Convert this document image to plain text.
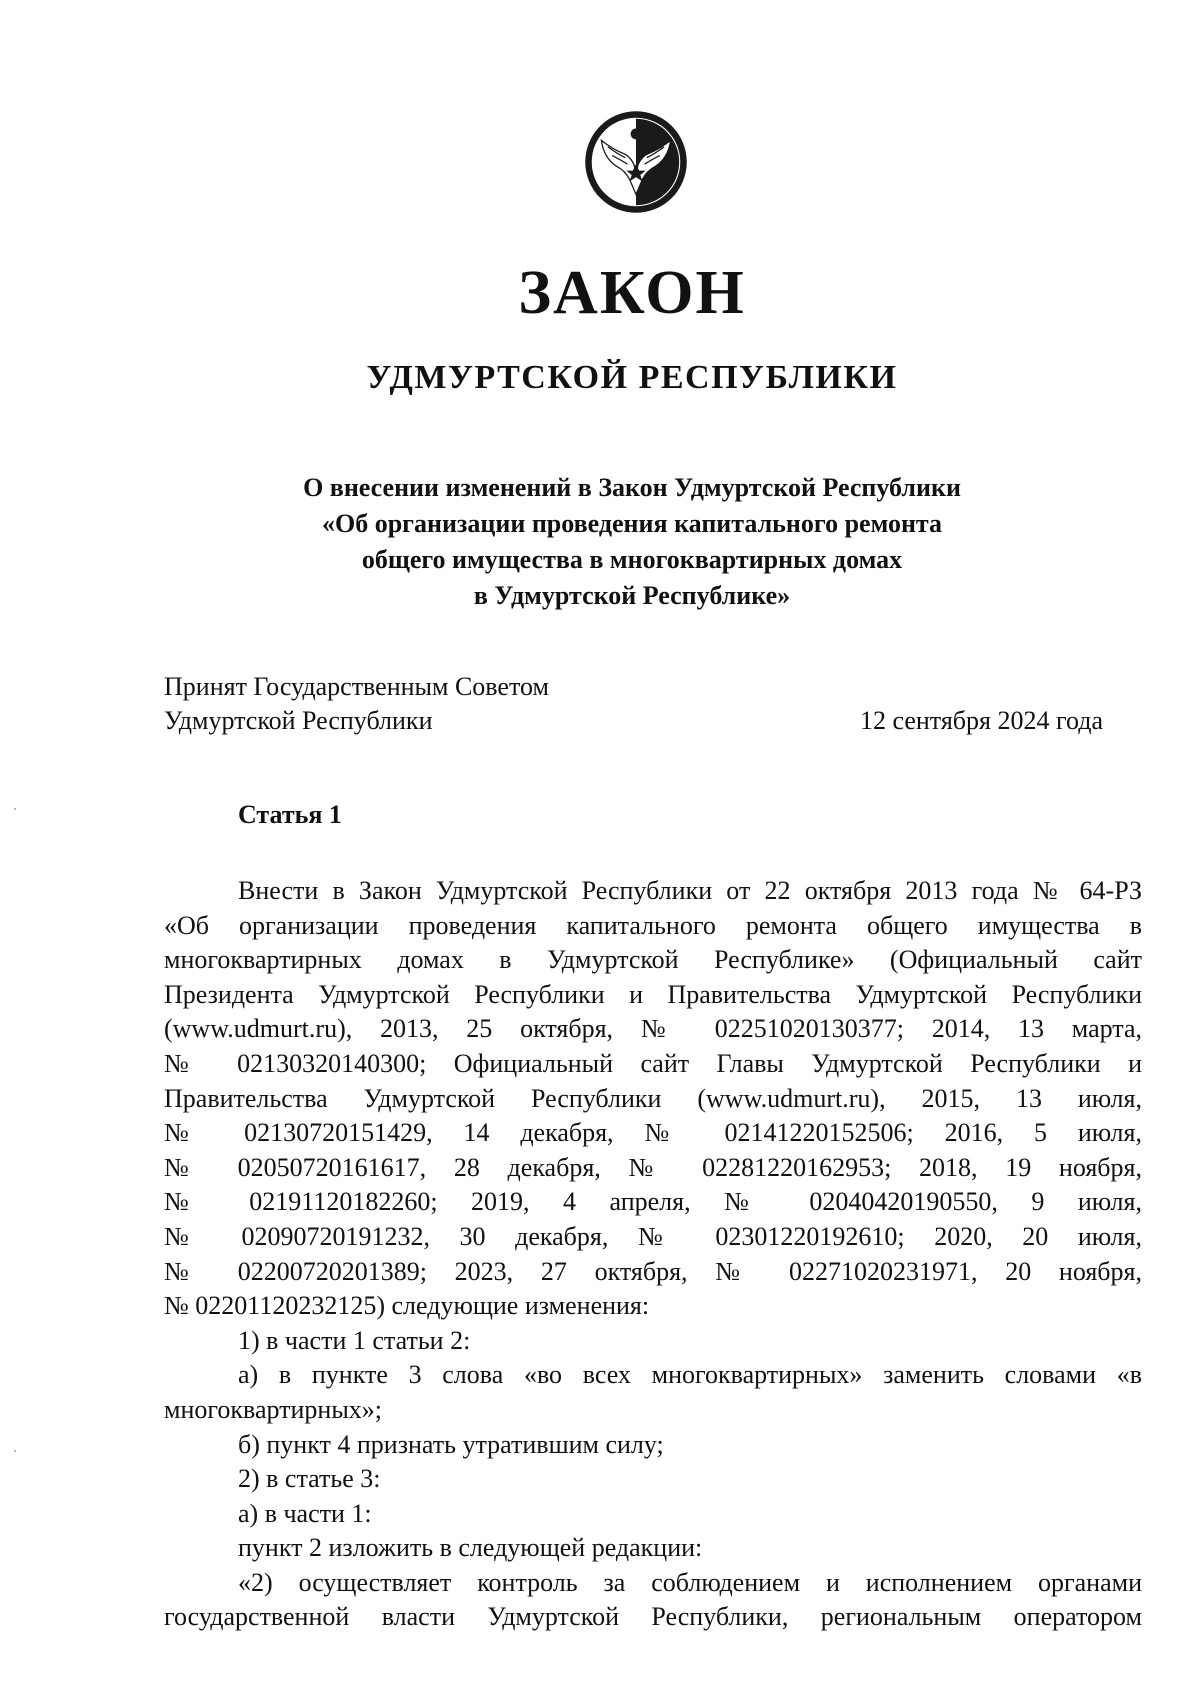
ЗАКОН
УДМУРТСКОЙ РЕСПУБЛИКИ
О внесении изменений в Закон Удмуртской Республики
«Об организации проведения капитального ремонта
общего имущества в многоквартирных домах
в Удмуртской Республике»
Принят Государственным Советом
Удмуртской Республики	12 сентября 2024 года
Статья 1
Внести в Закон Удмуртской Республики от 22 октября 2013 года № 64-РЗ
«Об организации проведения капитального ремонта общего имущества в
многоквартирных домах в Удмуртской Республике» (Официальный сайт
Президента Удмуртской Республики и Правительства Удмуртской Республики
(www.udmurt.ru), 2013, 25 октября, № 02251020130377; 2014, 13 марта,
№ 02130320140300; Официальный сайт Главы Удмуртской Республики и
Правительства Удмуртской Республики (www.udmurt.ru), 2015, 13 июля,
№ 02130720151429, 14 декабря, № 02141220152506; 2016, 5 июля,
№ 02050720161617, 28 декабря, № 02281220162953; 2018, 19 ноября,
№ 02191120182260; 2019, 4 апреля, № 02040420190550, 9 июля,
№ 02090720191232, 30 декабря, № 02301220192610; 2020, 20 июля,
№ 02200720201389; 2023, 27 октября, № 02271020231971, 20 ноября,
№ 02201120232125) следующие изменения:
1) в части 1 статьи 2:
а) в пункте 3 слова «во всех многоквартирных» заменить словами «в
многоквартирных»;
б) пункт 4 признать утратившим силу;
2) в статье 3:
а) в части 1:
пункт 2 изложить в следующей редакции:
«2) осуществляет контроль за соблюдением и исполнением органами
государственной власти Удмуртской Республики, региональным оператором
